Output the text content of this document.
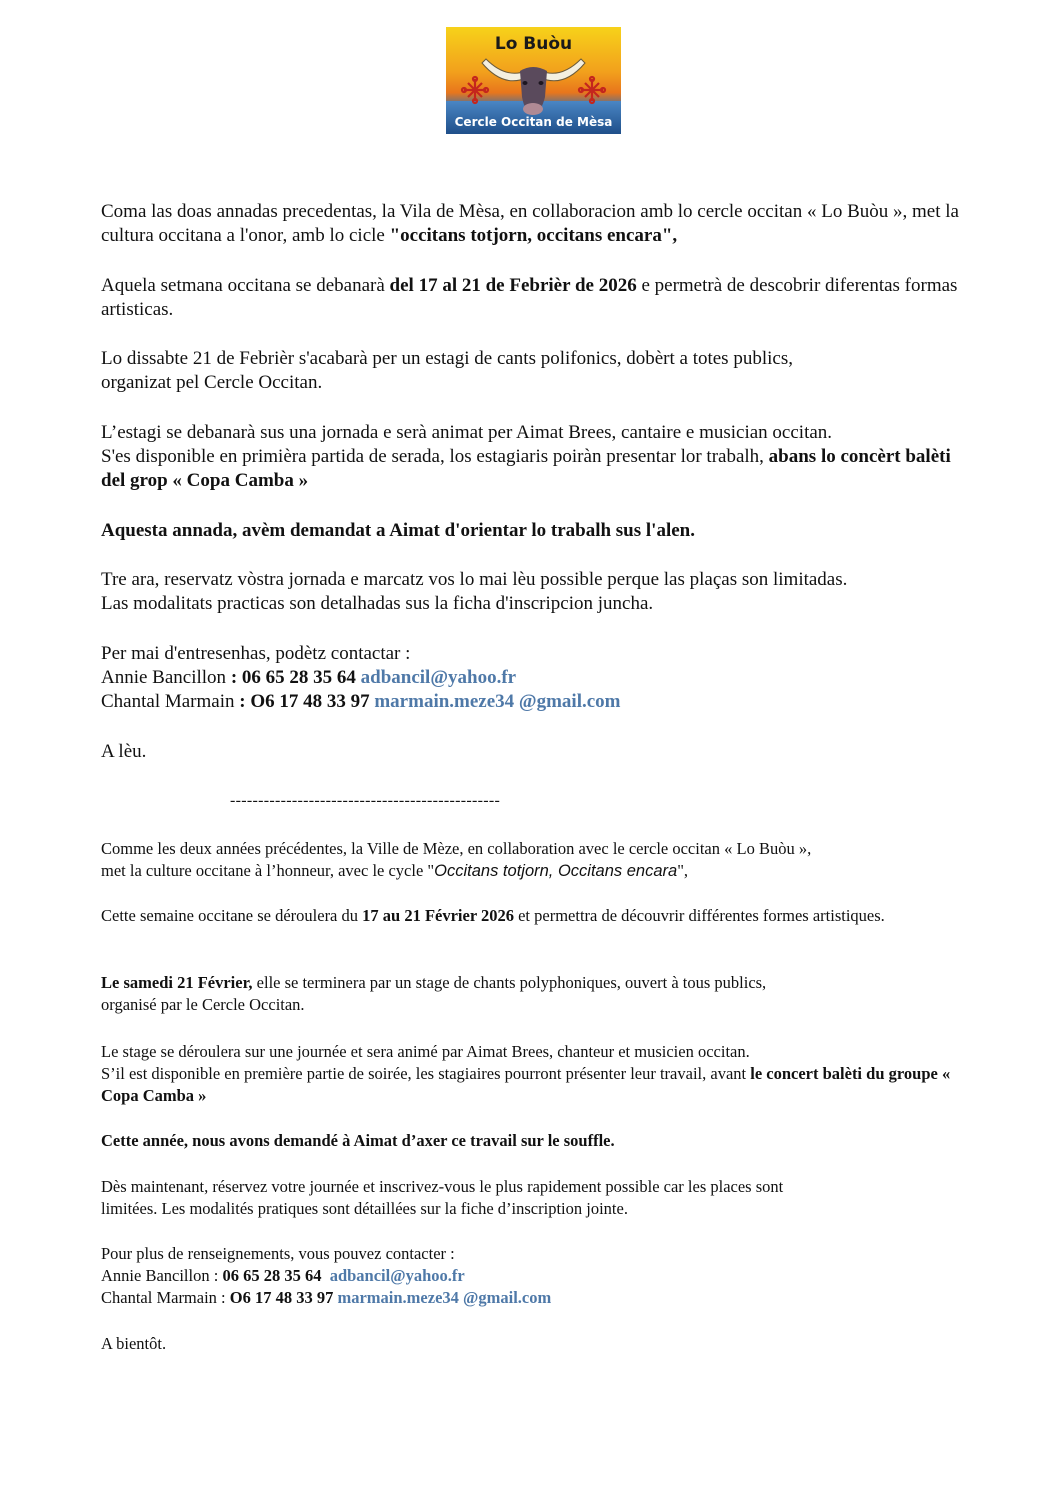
Lo Buòu
Cercle Occitan de Mèsa

Coma las doas annadas precedentas, la Vila de Mèsa, en collaboracion amb lo cercle occitan « Lo Buòu », met la cultura occitana a l'onor, amb lo cicle "occitans totjorn, occitans encara",

Aquela setmana occitana se debanarà del 17 al 21 de Febrièr de 2026 e permetrà de descobrir diferentas formas artisticas.

Lo dissabte 21 de Febrièr s'acabarà per un estagi de cants polifonics, dobèrt a totes publics,
organizat pel Cercle Occitan.

L’estagi se debanarà sus una jornada e serà animat per Aimat Brees, cantaire e musician occitan.
S'es disponible en primièra partida de serada, los estagiaris poiràn presentar lor trabalh, abans lo concèrt balèti del grop « Copa Camba »

Aquesta annada, avèm demandat a Aimat d'orientar lo trabalh sus l'alen.

Tre ara, reservatz vòstra jornada e marcatz vos lo mai lèu possible perque las plaças son limitadas.
Las modalitats practicas son detalhadas sus la ficha d'inscripcion juncha.

Per mai d'entresenhas, podètz contactar :
Annie Bancillon : 06 65 28 35 64 adbancil@yahoo.fr
Chantal Marmain : O6 17 48 33 97 marmain.meze34 @gmail.com

A lèu.

------------------------------------------------

Comme les deux années précédentes, la Ville de Mèze, en collaboration avec le cercle occitan « Lo Buòu »,
met la culture occitane à l’honneur, avec le cycle "Occitans totjorn, Occitans encara",

Cette semaine occitane se déroulera du 17 au 21 Février 2026 et permettra de découvrir différentes formes artistiques.

Le samedi 21 Février, elle se terminera par un stage de chants polyphoniques, ouvert à tous publics,
organisé par le Cercle Occitan.

Le stage se déroulera sur une journée et sera animé par Aimat Brees, chanteur et musicien occitan.
S’il est disponible en première partie de soirée, les stagiaires pourront présenter leur travail, avant le concert balèti du groupe « Copa Camba »

Cette année, nous avons demandé à Aimat d’axer ce travail sur le souffle.

Dès maintenant, réservez votre journée et inscrivez-vous le plus rapidement possible car les places sont
limitées. Les modalités pratiques sont détaillées sur la fiche d’inscription jointe.

Pour plus de renseignements, vous pouvez contacter :
Annie Bancillon : 06 65 28 35 64 adbancil@yahoo.fr
Chantal Marmain : O6 17 48 33 97 marmain.meze34 @gmail.com

A bientôt.
